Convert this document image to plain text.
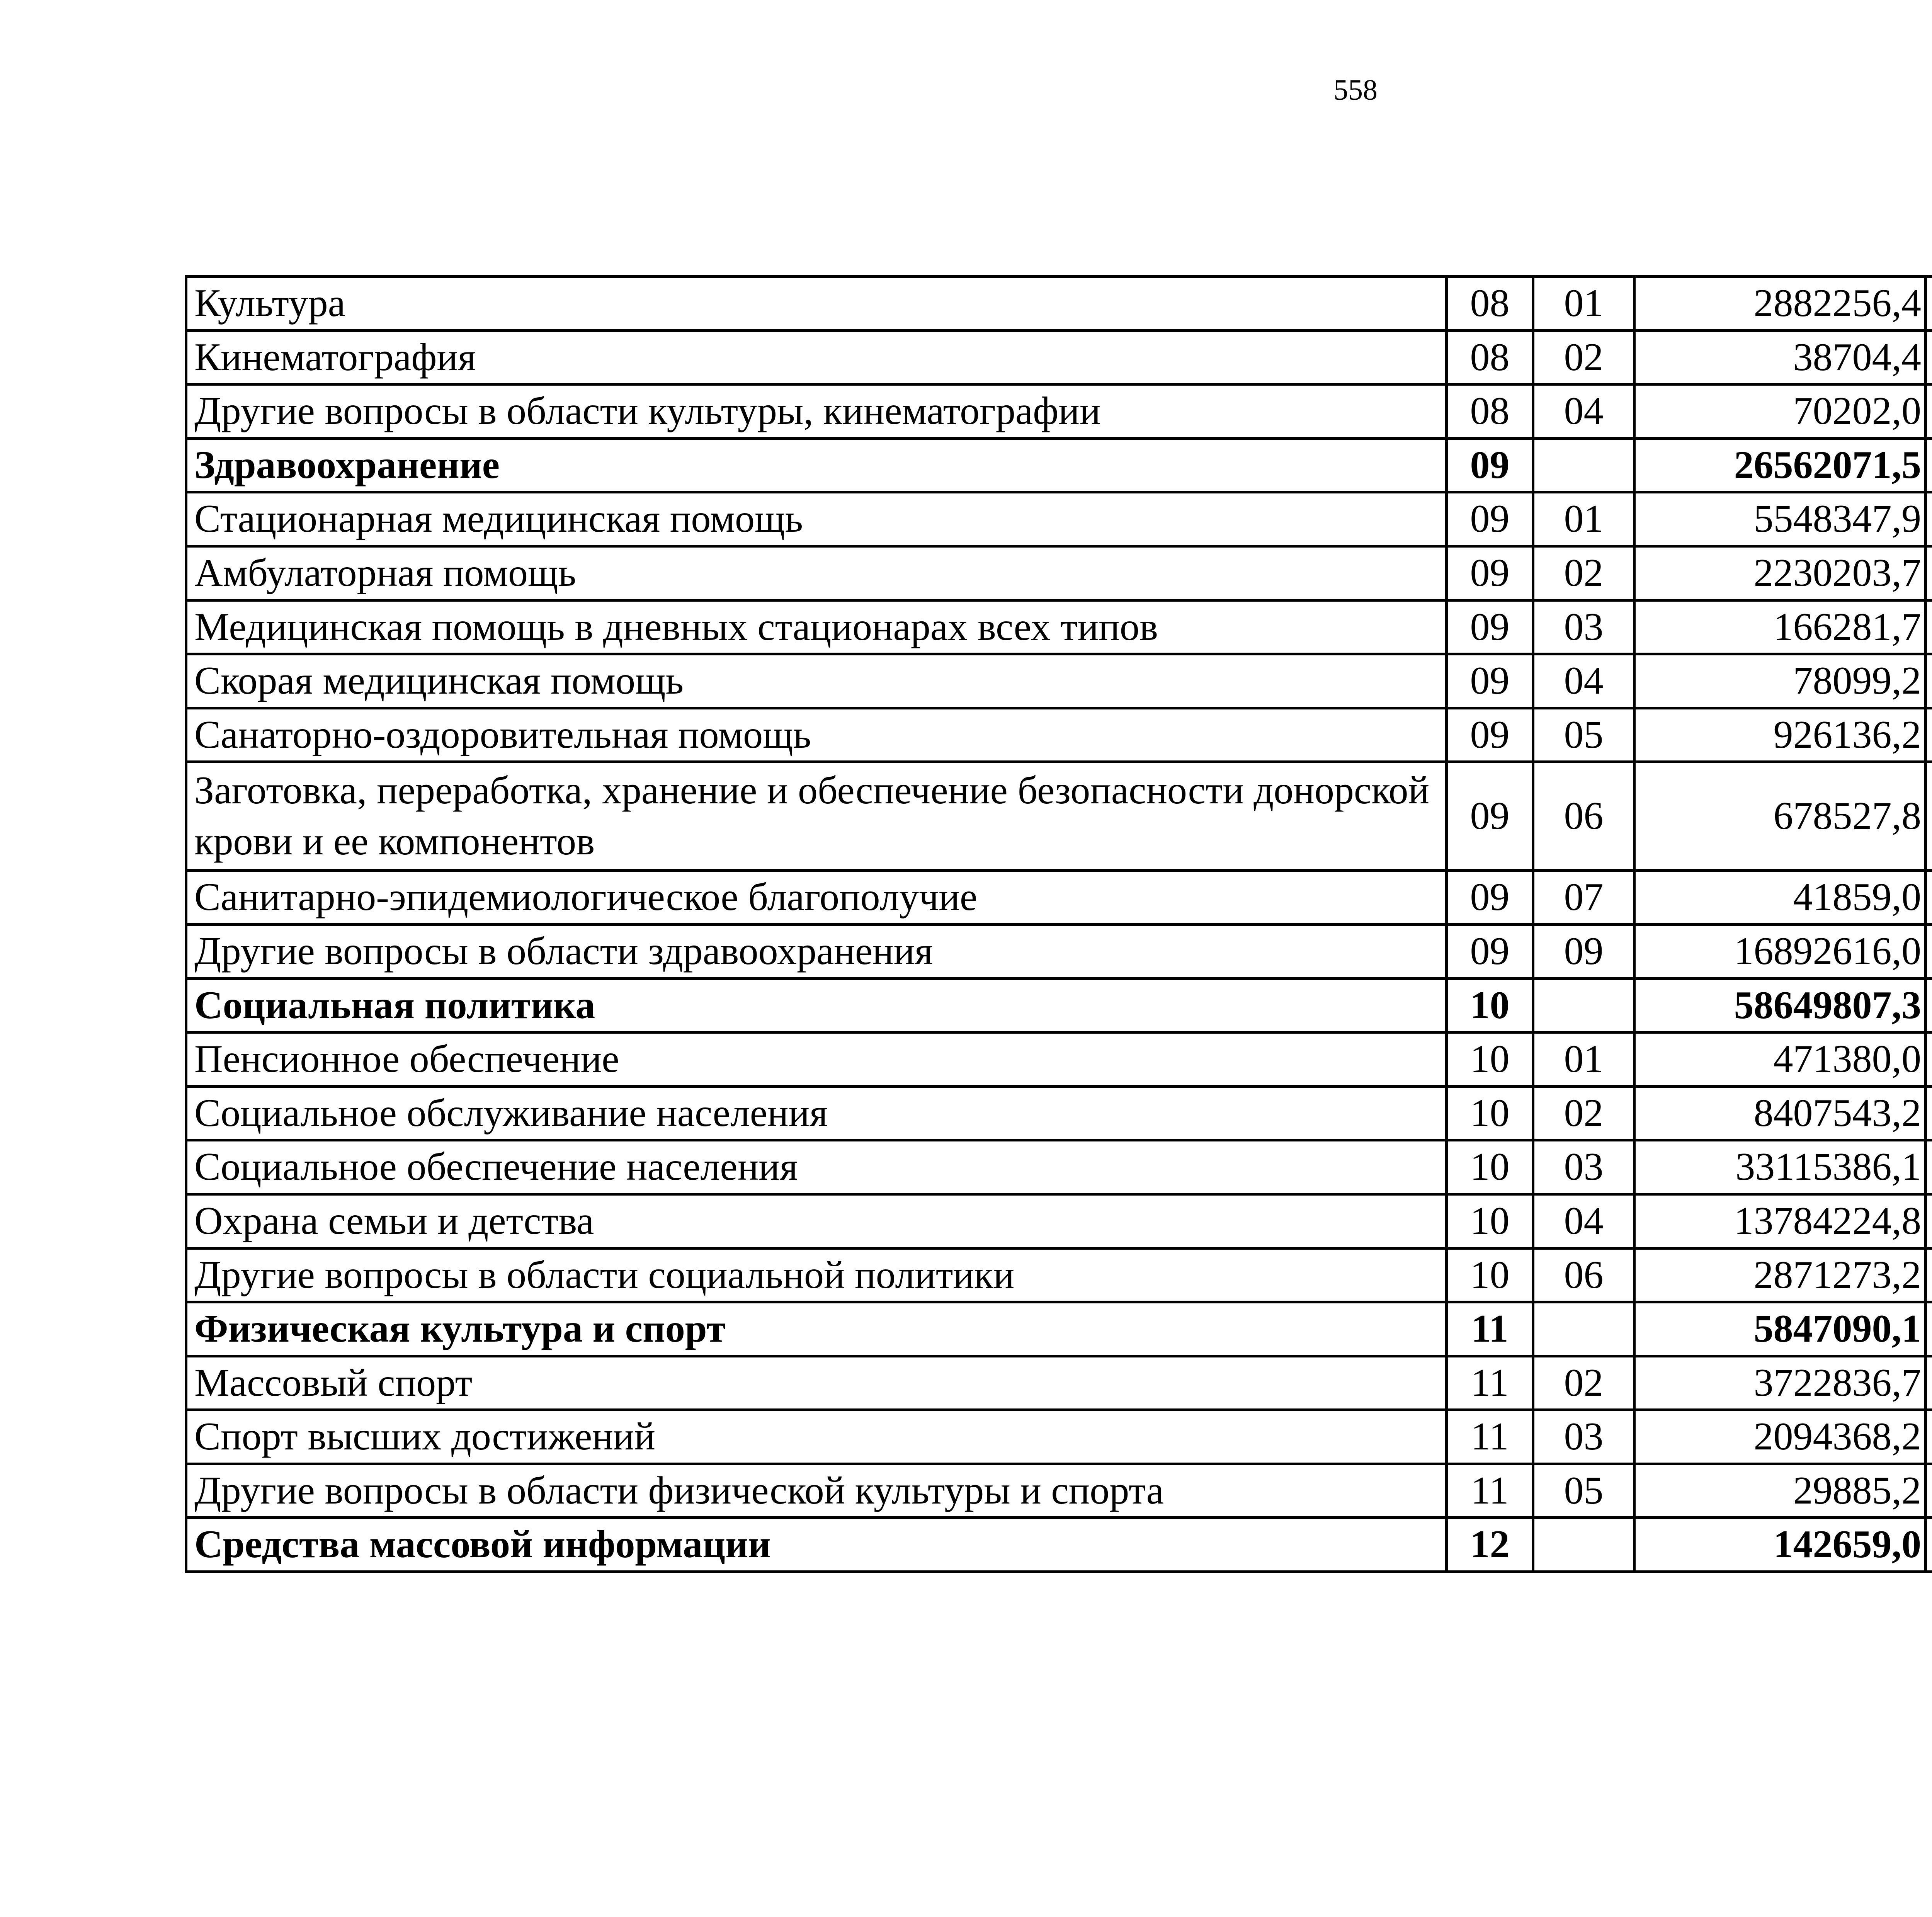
558
Культура	08	01	2882256,4		
Кинематография	08	02	38704,4		
Другие вопросы в области культуры, кинематографии	08	04	70202,0		
Здравоохранение	09		26562071,5		
Стационарная медицинская помощь	09	01	5548347,9		
Амбулаторная помощь	09	02	2230203,7		
Медицинская помощь в дневных стационарах всех типов	09	03	166281,7		
Скорая медицинская помощь	09	04	78099,2		
Санаторно-оздоровительная помощь	09	05	926136,2		
Заготовка, переработка, хранение и обеспечение безопасности донорской крови и ее компонентов	09	06	678527,8		
Санитарно-эпидемиологическое благополучие	09	07	41859,0		
Другие вопросы в области здравоохранения	09	09	16892616,0		
Социальная политика	10		58649807,3		
Пенсионное обеспечение	10	01	471380,0		
Социальное обслуживание населения	10	02	8407543,2		
Социальное обеспечение населения	10	03	33115386,1		
Охрана семьи и детства	10	04	13784224,8		
Другие вопросы в области социальной политики	10	06	2871273,2		
Физическая культура и спорт	11		5847090,1		
Массовый спорт	11	02	3722836,7		
Спорт высших достижений	11	03	2094368,2		
Другие вопросы в области физической культуры и спорта	11	05	29885,2		
Средства массовой информации	12		142659,0		
